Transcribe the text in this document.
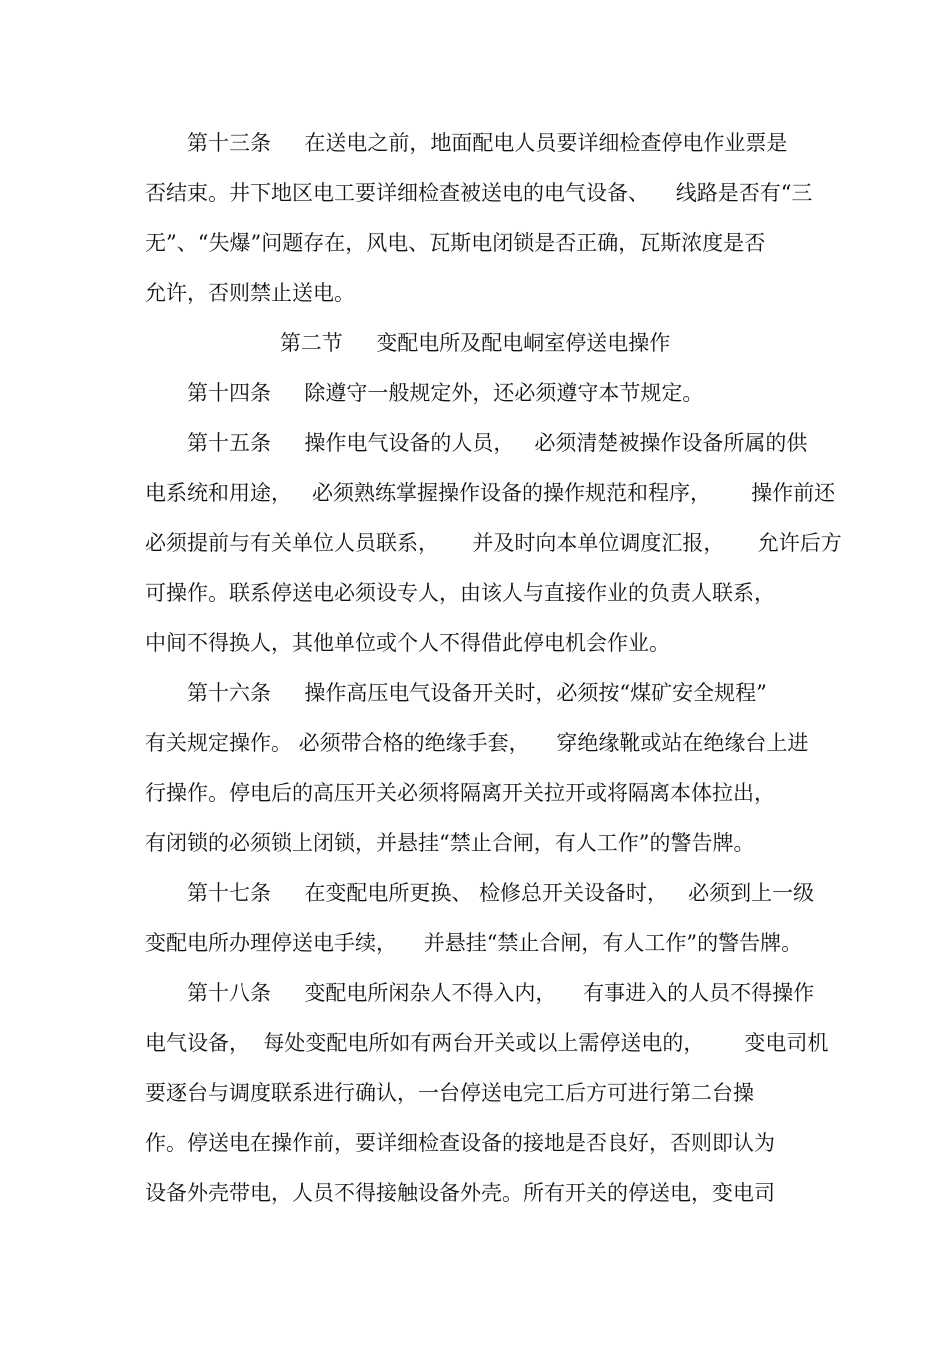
第十三条     在送电之前，地面配电人员要详细检查停电作业票是
否结束。井下地区电工要详细检查被送电的电气设备、    线路是否有“三
无”、“失爆”问题存在，风电、瓦斯电闭锁是否正确，瓦斯浓度是否
允许，否则禁止送电。
第二节     变配电所及配电峒室停送电操作
第十四条     除遵守一般规定外，还必须遵守本节规定。
第十五条     操作电气设备的人员，   必须清楚被操作设备所属的供
电系统和用途，   必须熟练掌握操作设备的操作规范和程序，      操作前还
必须提前与有关单位人员联系，     并及时向本单位调度汇报，     允许后方
可操作。联系停送电必须设专人，由该人与直接作业的负责人联系，
中间不得换人，其他单位或个人不得借此停电机会作业。
第十六条     操作高压电气设备开关时，必须按“煤矿安全规程”
有关规定操作。 必须带合格的绝缘手套，    穿绝缘靴或站在绝缘台上进
行操作。停电后的高压开关必须将隔离开关拉开或将隔离本体拉出，
有闭锁的必须锁上闭锁，并悬挂“禁止合闸，有人工作”的警告牌。
第十七条     在变配电所更换、 检修总开关设备时，   必须到上一级
变配电所办理停送电手续，    并悬挂“禁止合闸，有人工作”的警告牌。
第十八条     变配电所闲杂人不得入内，    有事进入的人员不得操作
电气设备，  每处变配电所如有两台开关或以上需停送电的，      变电司机
要逐台与调度联系进行确认，一台停送电完工后方可进行第二台操
作。停送电在操作前，要详细检查设备的接地是否良好，否则即认为
设备外壳带电，人员不得接触设备外壳。所有开关的停送电，变电司
